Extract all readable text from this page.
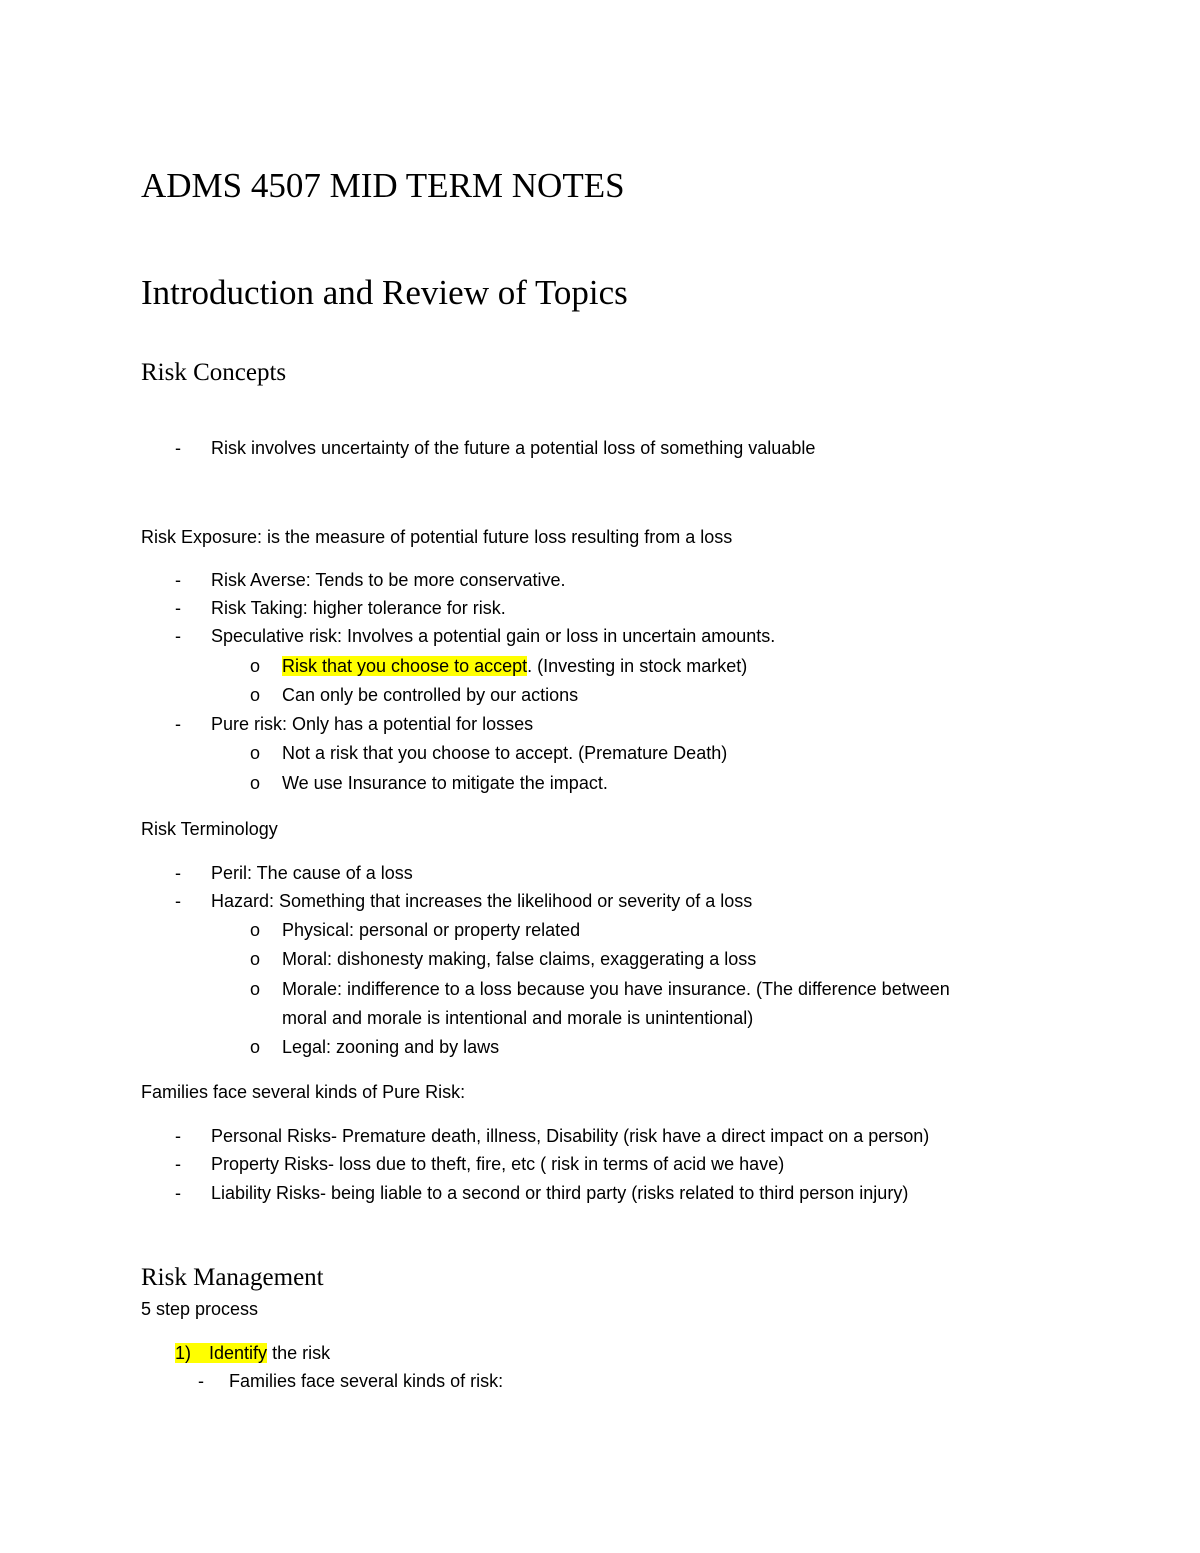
ADMS 4507 MID TERM NOTES
Introduction and Review of Topics
Risk Concepts
- Risk involves uncertainty of the future a potential loss of something valuable
Risk Exposure: is the measure of potential future loss resulting from a loss
- Risk Averse: Tends to be more conservative.
- Risk Taking: higher tolerance for risk.
- Speculative risk: Involves a potential gain or loss in uncertain amounts.
o Risk that you choose to accept. (Investing in stock market)
o Can only be controlled by our actions
- Pure risk: Only has a potential for losses
o Not a risk that you choose to accept. (Premature Death)
o We use Insurance to mitigate the impact.
Risk Terminology
- Peril: The cause of a loss
- Hazard: Something that increases the likelihood or severity of a loss
o Physical: personal or property related
o Moral: dishonesty making, false claims, exaggerating a loss
o Morale: indifference to a loss because you have insurance. (The difference between
moral and morale is intentional and morale is unintentional)
o Legal: zooning and by laws
Families face several kinds of Pure Risk:
- Personal Risks- Premature death, illness, Disability (risk have a direct impact on a person)
- Property Risks- loss due to theft, fire, etc ( risk in terms of acid we have)
- Liability Risks- being liable to a second or third party (risks related to third person injury)
Risk Management
5 step process
1) Identify the risk
- Families face several kinds of risk:
